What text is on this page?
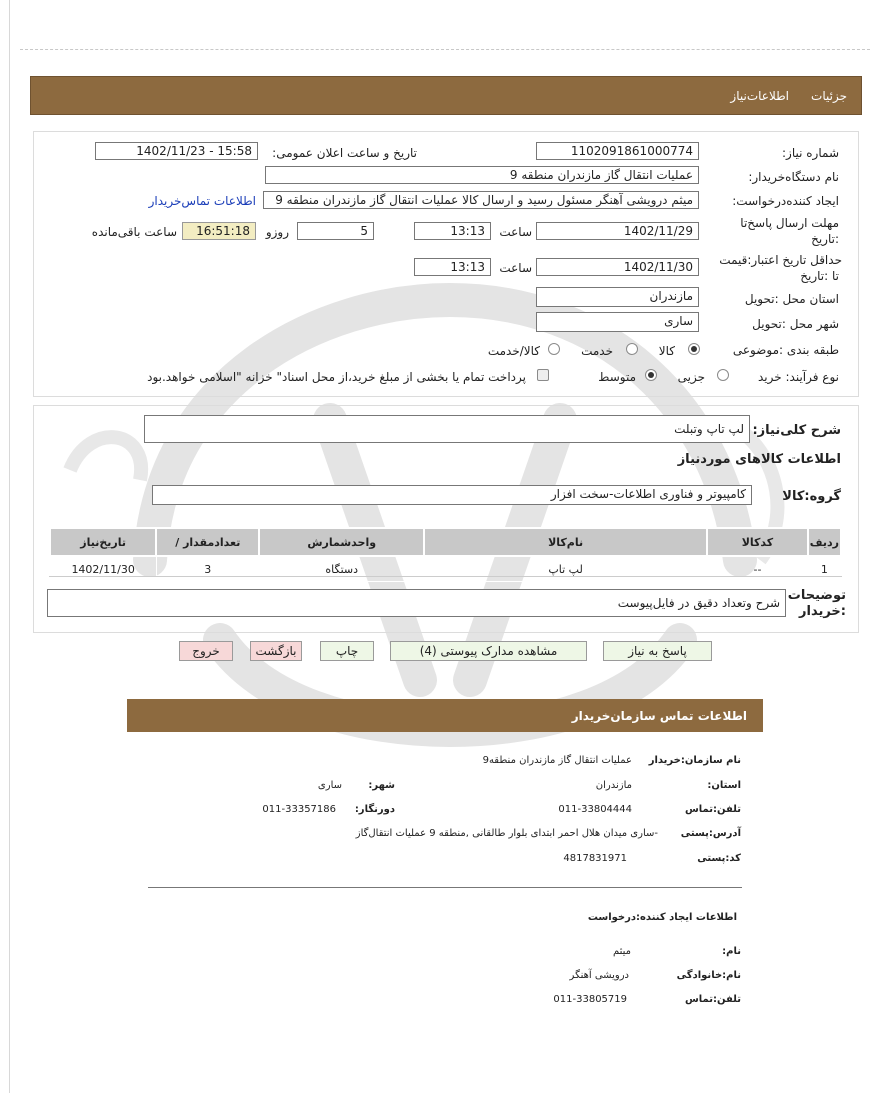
جزئیات
اطلاعات‌نیاز
شماره نیاز:
1102091861000774
تاریخ و ساعت اعلان عمومی:
1402/11/23 - 15:58
نام دستگاه‌خریدار:
عملیات انتقال گاز مازندران منطقه 9
ایجاد کننده‌درخواست:
میثم درویشی آهنگر مسئول رسید و ارسال کالا عملیات انتقال گاز مازندران منطقه 9
اطلاعات تماس‌خریدار
مهلت ارسال پاسخ‌تا
:تاریخ
1402/11/29
ساعت
13:13
5
روزو
16:51:18
ساعت باقی‌مانده
حداقل تاریخ اعتبار:قیمت
تا :تاریخ
1402/11/30
ساعت
13:13
استان محل :تحویل
مازندران
شهر محل :تحویل
ساری
طبقه بندی :موضوعی
کالا
خدمت
کالا/خدمت
نوع فرآیند: خرید
جزیی
متوسط
پرداخت تمام یا بخشی از مبلغ خرید،از محل اسناد" خزانه "اسلامی خواهد.بود
شرح کلی‌نیاز:
لپ تاپ وتبلت
اطلاعات کالاهای موردنیاز
گروه:کالا
کامپیوتر و فناوری اطلاعات-سخت افزار
ردیف	کدکالا	نام‌کالا	واحدشمارش	تعدادمقدار /	تاریخ‌نیاز
1	--	لپ تاپ	دستگاه	3	1402/11/30
توضیحات
:خریدار
شرح وتعداد دقیق در فایل‌پیوست
پاسخ به نیاز
مشاهده مدارک پیوستی (4)
چاپ
بازگشت
خروج
اطلاعات تماس سازمان‌خریدار
نام سازمان:خریدار
عملیات انتقال گاز مازندران منطقه9
استان:
مازندران
شهر:
ساری
تلفن:تماس
011-33804444
دورنگار:
011-33357186
آدرس:پستی
-ساری میدان هلال احمر ابتدای بلوار طالقانی ,منطقه 9 عملیات انتقال‌گاز
کد:پستی
4817831971
اطلاعات ایجاد کننده:درخواست
نام:
میثم
نام:خانوادگی
درویشی آهنگر
تلفن:تماس
011-33805719
